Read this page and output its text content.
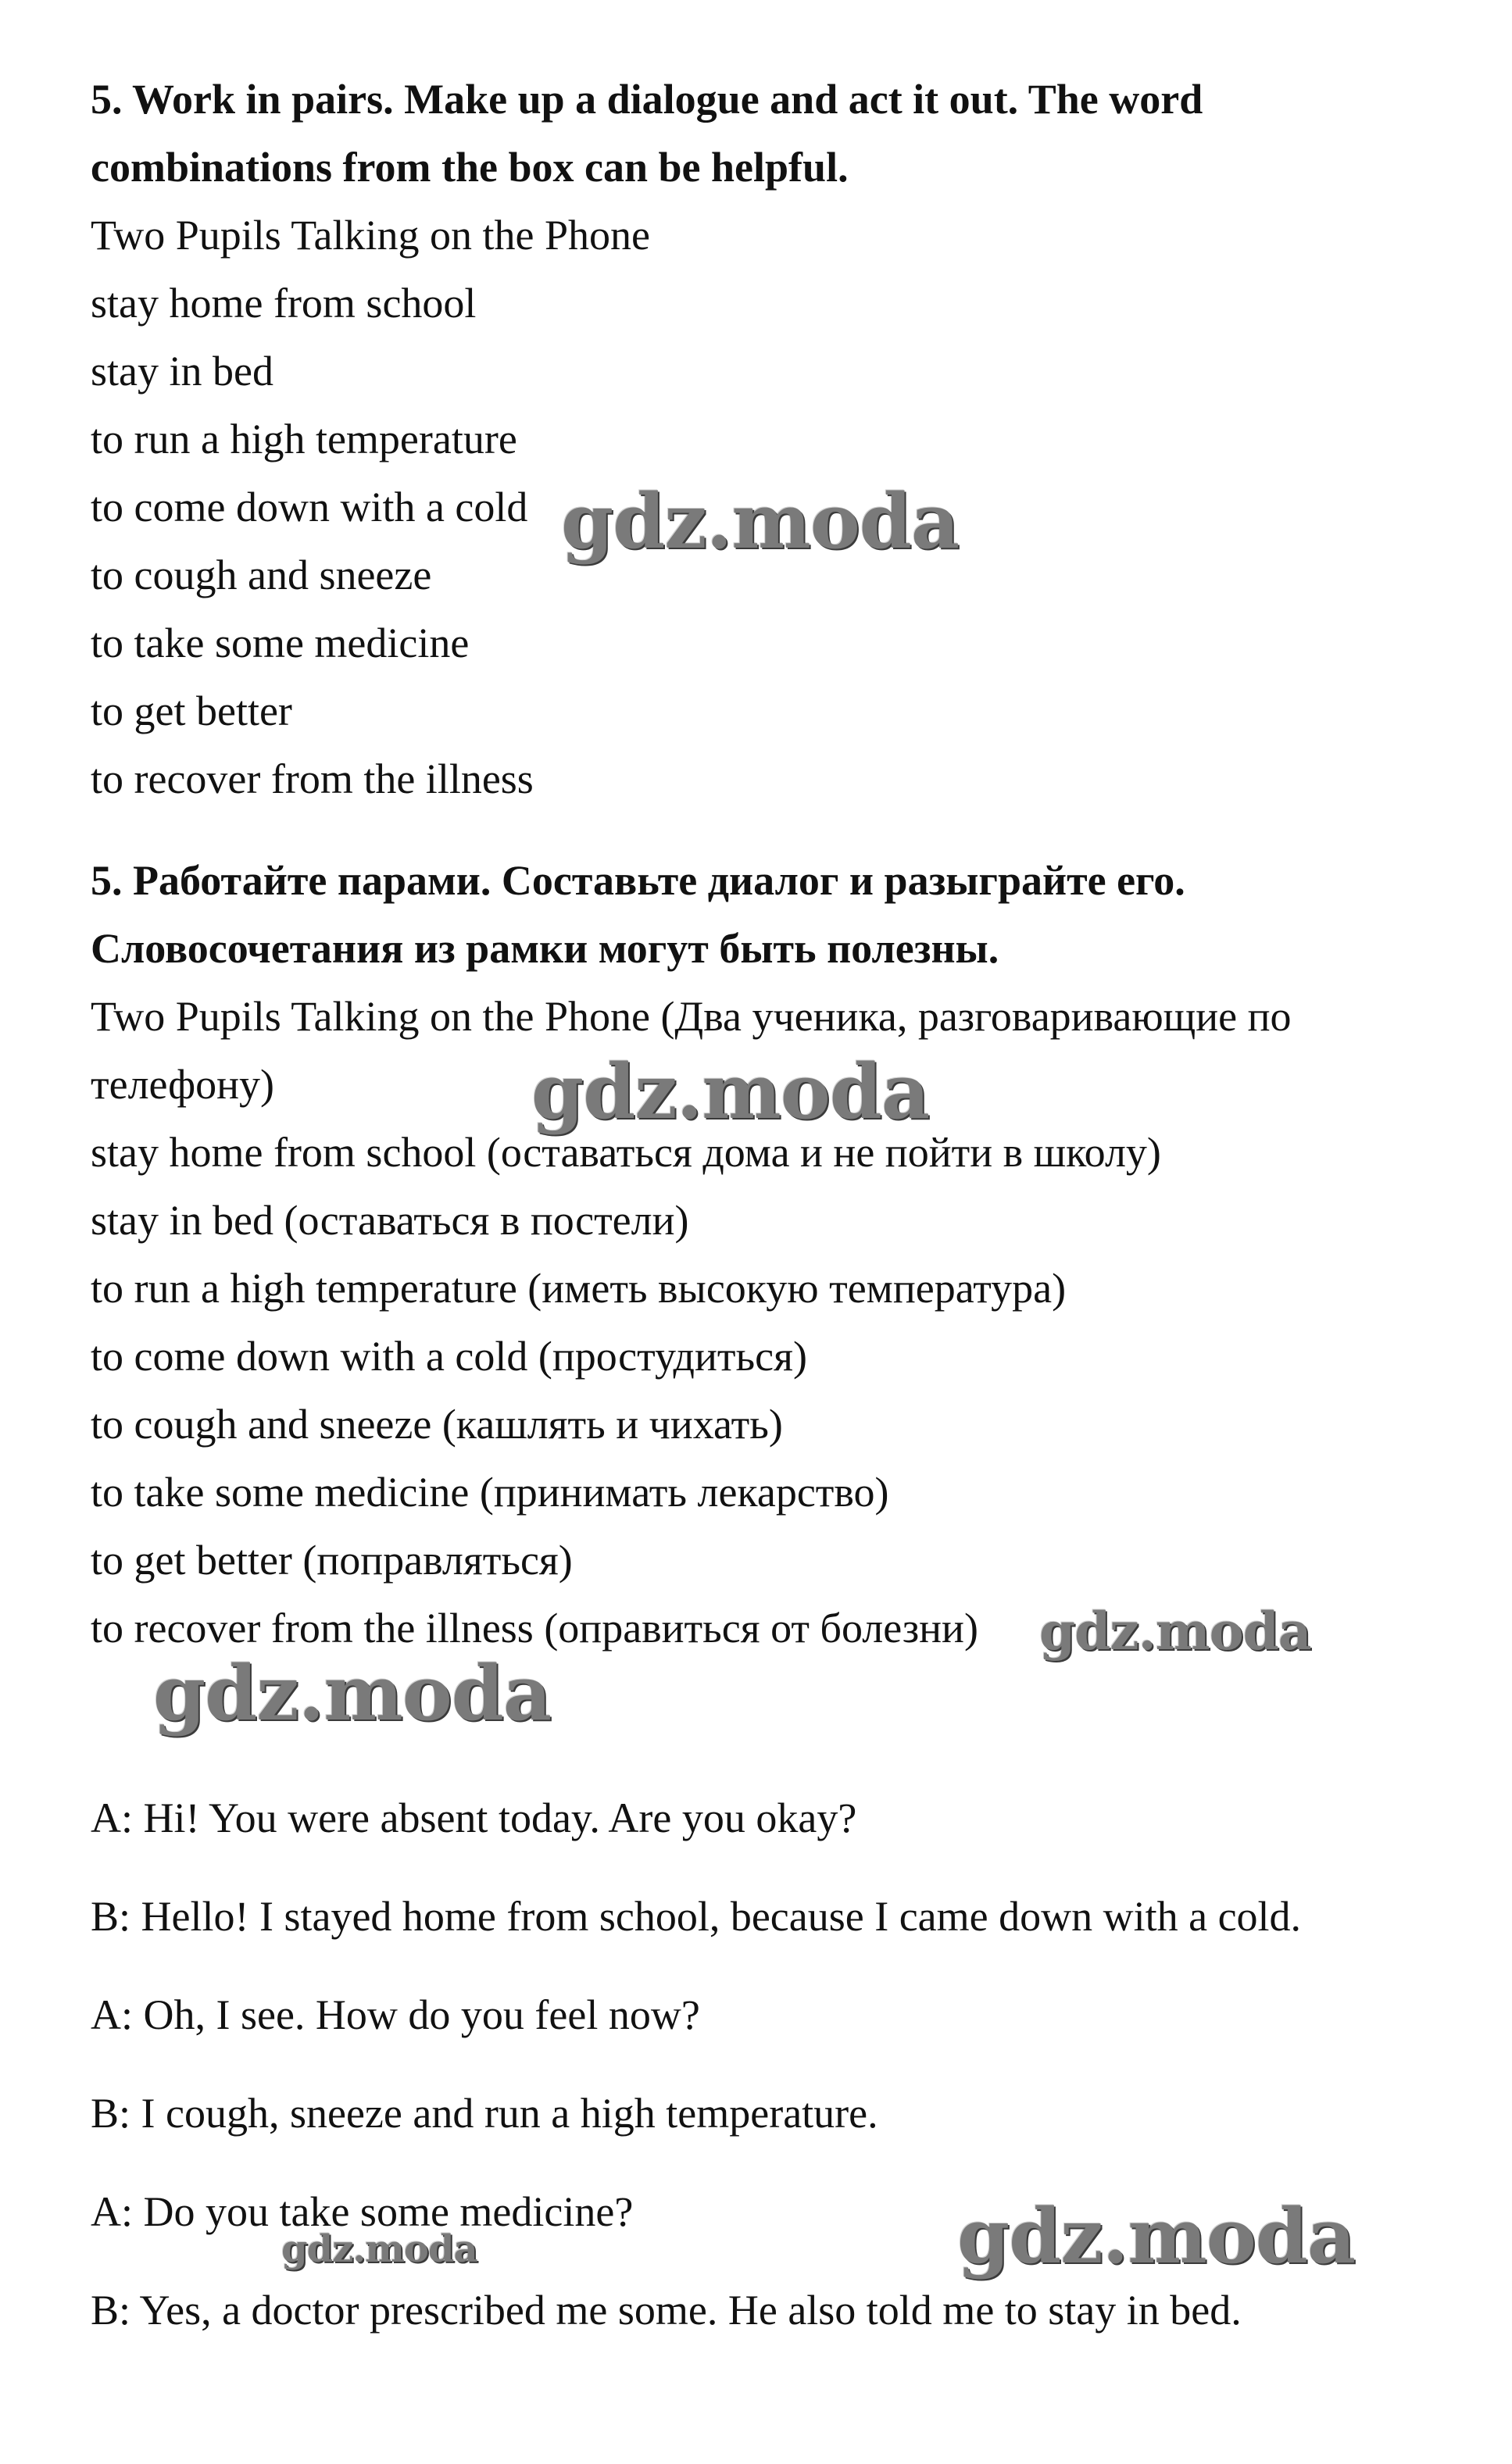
5. Work in pairs. Make up a dialogue and act it out. The word
combinations from the box can be helpful.
Two Pupils Talking on the Phone
stay home from school
stay in bed
to run a high temperature
to come down with a cold
to cough and sneeze
to take some medicine
to get better
to recover from the illness
5. Работайте парами. Составьте диалог и разыграйте его.
Словосочетания из рамки могут быть полезны.
Two Pupils Talking on the Phone (Два ученика, разговаривающие по
телефону)
stay home from school (оставаться дома и не пойти в школу)
stay in bed (оставаться в постели)
to run a high temperature (иметь высокую температура)
to come down with a cold (простудиться)
to cough and sneeze (кашлять и чихать)
to take some medicine (принимать лекарство)
to get better (поправляться)
to recover from the illness (оправиться от болезни)
A: Hi! You were absent today. Are you okay?
B: Hello! I stayed home from school, because I came down with a cold.
A: Oh, I see. How do you feel now?
B: I cough, sneeze and run a high temperature.
A: Do you take some medicine?
B: Yes, a doctor prescribed me some. He also told me to stay in bed.
gdz.moda
gdz.moda
gdz.moda
gdz.moda
gdz.moda	gdz.moda
